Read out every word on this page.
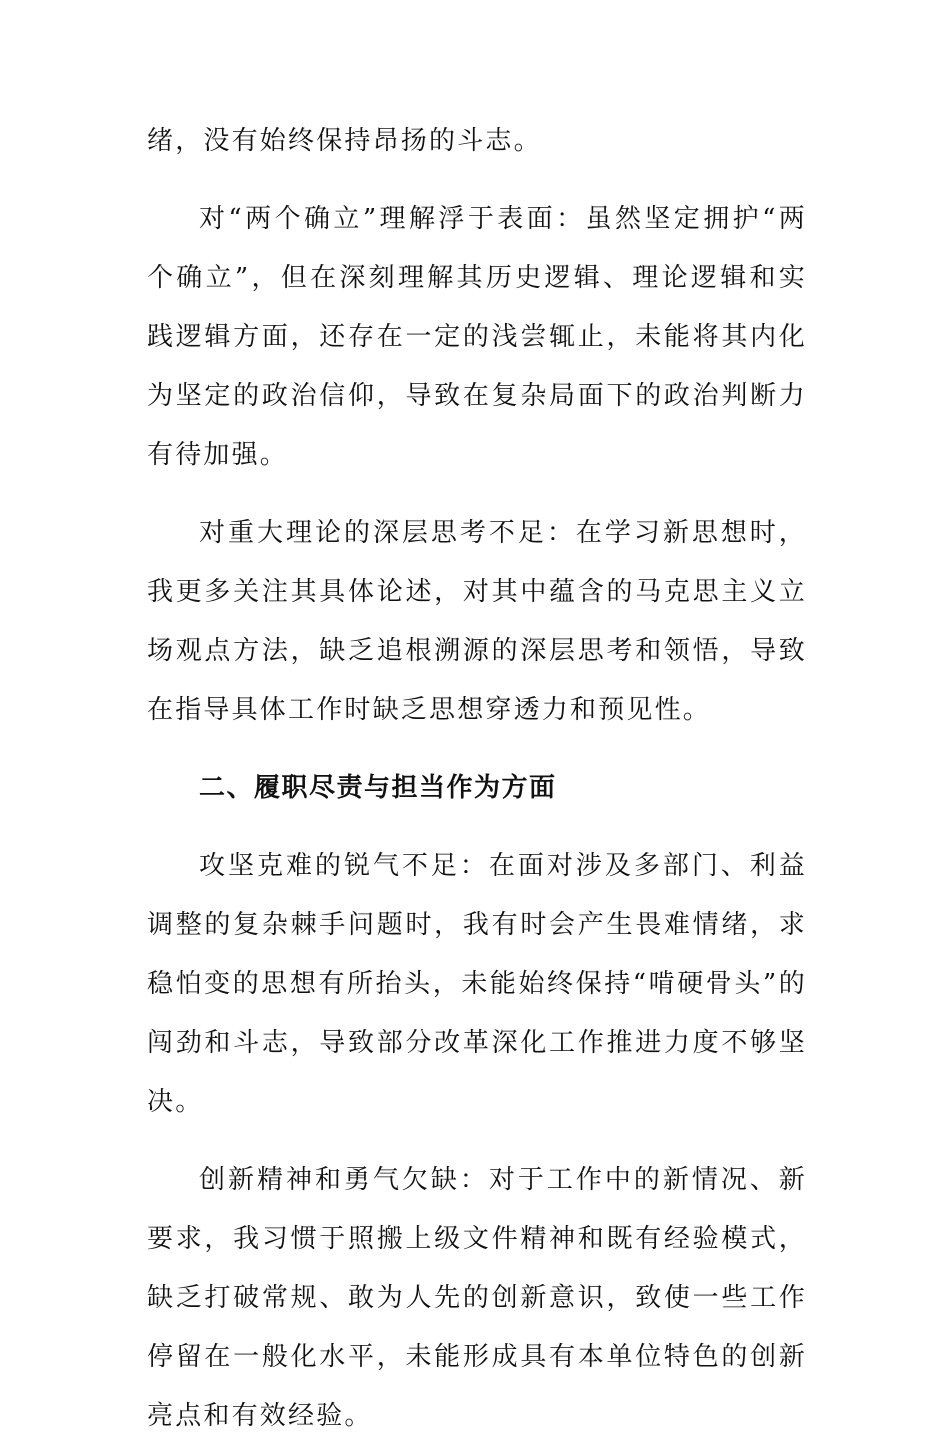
绪，没有始终保持昂扬的斗志。

对“两个确立”理解浮于表面：虽然坚定拥护“两个确立”，但在深刻理解其历史逻辑、理论逻辑和实践逻辑方面，还存在一定的浅尝辄止，未能将其内化为坚定的政治信仰，导致在复杂局面下的政治判断力有待加强。

对重大理论的深层思考不足：在学习新思想时，我更多关注其具体论述，对其中蕴含的马克思主义立场观点方法，缺乏追根溯源的深层思考和领悟，导致在指导具体工作时缺乏思想穿透力和预见性。

二、履职尽责与担当作为方面

攻坚克难的锐气不足：在面对涉及多部门、利益调整的复杂棘手问题时，我有时会产生畏难情绪，求稳怕变的思想有所抬头，未能始终保持“啃硬骨头”的闯劲和斗志，导致部分改革深化工作推进力度不够坚决。

创新精神和勇气欠缺：对于工作中的新情况、新要求，我习惯于照搬上级文件精神和既有经验模式，缺乏打破常规、敢为人先的创新意识，致使一些工作停留在一般化水平，未能形成具有本单位特色的创新亮点和有效经验。
